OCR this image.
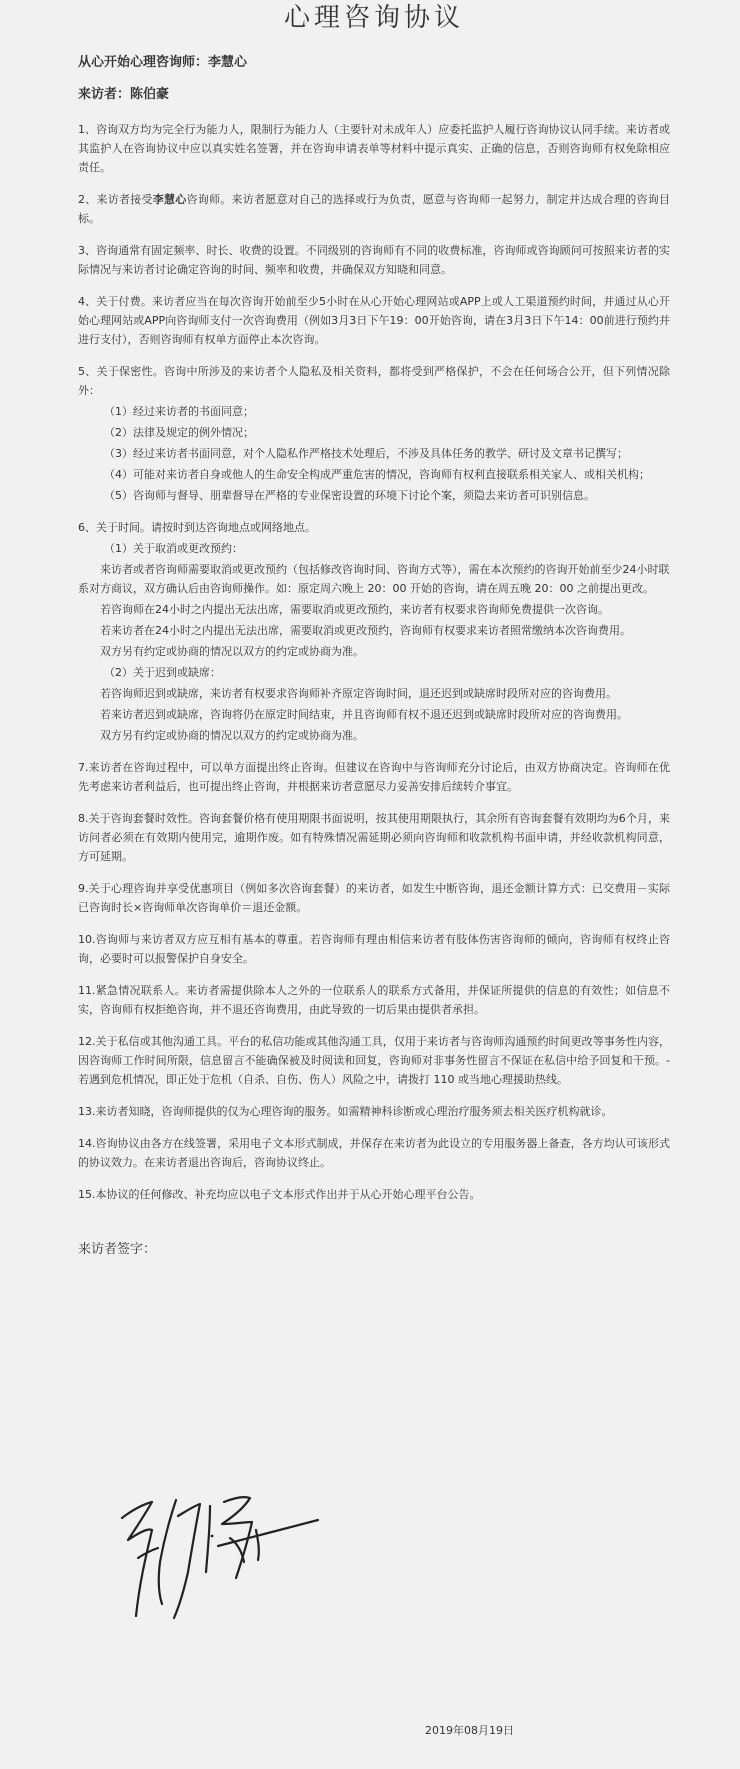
心理咨询协议

从心开始心理咨询师：李慧心

来访者：陈伯豪

1、咨询双方均为完全行为能力人，限制行为能力人（主要针对未成年人）应委托监护人履行咨询协议认同手续。来访者或其监护人在咨询协议中应以真实姓名签署，并在咨询申请表单等材料中提示真实、正确的信息，否则咨询师有权免除相应责任。

2、来访者接受李慧心咨询师。来访者愿意对自己的选择或行为负责，愿意与咨询师一起努力，制定并达成合理的咨询目标。

3、咨询通常有固定频率、时长、收费的设置。不同级别的咨询师有不同的收费标准，咨询师或咨询顾问可按照来访者的实际情况与来访者讨论确定咨询的时间、频率和收费，并确保双方知晓和同意。

4、关于付费。来访者应当在每次咨询开始前至少5小时在从心开始心理网站或APP上或人工渠道预约时间，并通过从心开始心理网站或APP向咨询师支付一次咨询费用（例如3月3日下午19：00开始咨询，请在3月3日下午14：00前进行预约并进行支付），否则咨询师有权单方面停止本次咨询。

5、关于保密性。咨询中所涉及的来访者个人隐私及相关资料，都将受到严格保护，不会在任何场合公开，但下列情况除外：

（1）经过来访者的书面同意；

（2）法律及规定的例外情况；

（3）经过来访者书面同意，对个人隐私作严格技术处理后，不涉及具体任务的教学、研讨及文章书记撰写；

（4）可能对来访者自身或他人的生命安全构成严重危害的情况，咨询师有权利直接联系相关家人、或相关机构；

（5）咨询师与督导、朋辈督导在严格的专业保密设置的环境下讨论个案，须隐去来访者可识别信息。

6、关于时间。请按时到达咨询地点或网络地点。

（1）关于取消或更改预约：

来访者或者咨询师需要取消或更改预约（包括修改咨询时间、咨询方式等），需在本次预约的咨询开始前至少24小时联系对方商议，双方确认后由咨询师操作。如：原定周六晚上 20：00 开始的咨询，请在周五晚 20：00 之前提出更改。

若咨询师在24小时之内提出无法出席，需要取消或更改预约，来访者有权要求咨询师免费提供一次咨询。

若来访者在24小时之内提出无法出席，需要取消或更改预约，咨询师有权要求来访者照常缴纳本次咨询费用。

双方另有约定或协商的情况以双方的约定或协商为准。

（2）关于迟到或缺席：

若咨询师迟到或缺席，来访者有权要求咨询师补齐原定咨询时间，退还迟到或缺席时段所对应的咨询费用。

若来访者迟到或缺席，咨询将仍在原定时间结束，并且咨询师有权不退还迟到或缺席时段所对应的咨询费用。

双方另有约定或协商的情况以双方的约定或协商为准。

7.来访者在咨询过程中，可以单方面提出终止咨询。但建议在咨询中与咨询师充分讨论后，由双方协商决定。咨询师在优先考虑来访者利益后，也可提出终止咨询，并根据来访者意愿尽力妥善安排后续转介事宜。

8.关于咨询套餐时效性。咨询套餐价格有使用期限书面说明，按其使用期限执行，其余所有咨询套餐有效期均为6个月，来访问者必须在有效期内使用完，逾期作废。如有特殊情况需延期必须向咨询师和收款机构书面申请，并经收款机构同意，方可延期。

9.关于心理咨询并享受优惠项目（例如多次咨询套餐）的来访者，如发生中断咨询，退还金额计算方式：已交费用－实际已咨询时长×咨询师单次咨询单价＝退还金额。

10.咨询师与来访者双方应互相有基本的尊重。若咨询师有理由相信来访者有肢体伤害咨询师的倾向，咨询师有权终止咨询，必要时可以报警保护自身安全。

11.紧急情况联系人。来访者需提供除本人之外的一位联系人的联系方式备用，并保证所提供的信息的有效性；如信息不实，咨询师有权拒绝咨询，并不退还咨询费用，由此导致的一切后果由提供者承担。

12.关于私信或其他沟通工具。平台的私信功能或其他沟通工具，仅用于来访者与咨询师沟通预约时间更改等事务性内容，因咨询师工作时间所限，信息留言不能确保被及时阅读和回复，咨询师对非事务性留言不保证在私信中给予回复和干预。- 若遇到危机情况，即正处于危机（自杀、自伤、伤人）风险之中，请拨打 110 或当地心理援助热线。

13.来访者知晓，咨询师提供的仅为心理咨询的服务。如需精神科诊断或心理治疗服务须去相关医疗机构就诊。

14.咨询协议由各方在线签署，采用电子文本形式制成，并保存在来访者为此设立的专用服务器上备查，各方均认可该形式的协议效力。在来访者退出咨询后，咨询协议终止。

15.本协议的任何修改、补充均应以电子文本形式作出并于从心开始心理平台公告。

来访者签字：
2019年08月19日
